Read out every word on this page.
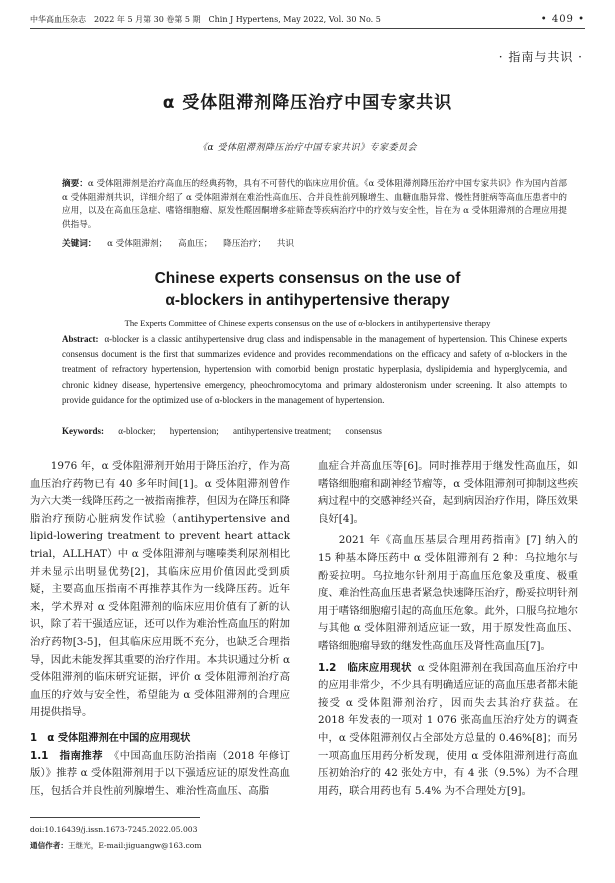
中华高血压杂志 2022 年 5 月第 30 卷第 5 期 Chin J Hypertens, May 2022, Vol. 30 No. 5	• 409 •
· 指南与共识 ·
α 受体阻滞剂降压治疗中国专家共识
《α 受体阻滞剂降压治疗中国专家共识》专家委员会
摘要：α 受体阻滞剂是治疗高血压的经典药物，具有不可替代的临床应用价值。《α 受体阻滞剂降压治疗中国专家共识》作为国内首部 α 受体阻滞剂共识，详细介绍了 α 受体阻滞剂在难治性高血压、合并良性前列腺增生、血糖血脂异常、慢性肾脏病等高血压患者中的应用，以及在高血压急症、嗜铬细胞瘤、原发性醛固酮增多症筛查等疾病治疗中的疗效与安全性，旨在为 α 受体阻滞剂的合理应用提供指导。
关键词： α 受体阻滞剂； 高血压； 降压治疗； 共识
Chinese experts consensus on the use of
α-blockers in antihypertensive therapy
The Experts Committee of Chinese experts consensus on the use of α-blockers in antihypertensive therapy
Abstract: α-blocker is a classic antihypertensive drug class and indispensable in the management of hypertension. This Chinese experts consensus document is the first that summarizes evidence and provides recommendations on the efficacy and safety of α-blockers in the treatment of refractory hypertension, hypertension with comorbid benign prostatic hyperplasia, dyslipidemia and hyperglycemia, and chronic kidney disease, hypertensive emergency, pheochromocytoma and primary aldosteronism under screening. It also attempts to provide guidance for the optimized use of α-blockers in the management of hypertension.
Keywords: α-blocker; hypertension; antihypertensive treatment; consensus

1976 年，α 受体阻滞剂开始用于降压治疗，作为高血压治疗药物已有 40 多年时间[1]。α 受体阻滞剂曾作为六大类一线降压药之一被指南推荐，但因为在降压和降脂治疗预防心脏病发作试验（antihypertensive and lipid-lowering treatment to prevent heart attack trial，ALLHAT）中 α 受体阻滞剂与噻嗪类利尿剂相比并未显示出明显优势[2]，其临床应用价值因此受到质疑，主要高血压指南不再推荐其作为一线降压药。近年来，学术界对 α 受体阻滞剂的临床应用价值有了新的认识，除了若干强适应证，还可以作为难治性高血压的附加治疗药物[3-5]，但其临床应用既不充分，也缺乏合理指导，因此未能发挥其重要的治疗作用。本共识通过分析 α 受体阻滞剂的临床研究证据，评价 α 受体阻滞剂治疗高血压的疗效与安全性，希望能为 α 受体阻滞剂的合理应用提供指导。

1　α 受体阻滞剂在中国的应用现状

1.1　指南推荐 《中国高血压防治指南（2018 年修订版）》推荐 α 受体阻滞剂用于以下强适应证的原发性高血压，包括合并良性前列腺增生、难治性高血压、高脂

血症合并高血压等[6]。同时推荐用于继发性高血压，如嗜铬细胞瘤和副神经节瘤等，α 受体阻滞剂可抑制这些疾病过程中的交感神经兴奋，起到病因治疗作用，降压效果良好[4]。

2021 年《高血压基层合理用药指南》[7] 纳入的 15 种基本降压药中 α 受体阻滞剂有 2 种：乌拉地尔与酚妥拉明。乌拉地尔针剂用于高血压危象及重度、极重度、难治性高血压患者紧急快速降压治疗，酚妥拉明针剂用于嗜铬细胞瘤引起的高血压危象。此外，口服乌拉地尔与其他 α 受体阻滞剂适应证一致，用于原发性高血压、嗜铬细胞瘤导致的继发性高血压及肾性高血压[7]。

1.2　临床应用现状 α 受体阻滞剂在我国高血压治疗中的应用非常少，不少具有明确适应证的高血压患者都未能接受 α 受体阻滞剂治疗，因而失去其治疗获益。在 2018 年发表的一项对 1 076 张高血压治疗处方的调查中，α 受体阻滞剂仅占全部处方总量的 0.46%[8]；而另一项高血压用药分析发现，使用 α 受体阻滞剂进行高血压初始治疗的 42 张处方中，有 4 张（9.5%）为不合理用药，联合用药也有 5.4% 为不合理处方[9]。

doi:10.16439/j.issn.1673-7245.2022.05.003
通信作者：王继光，E-mail:jiguangw@163.com
